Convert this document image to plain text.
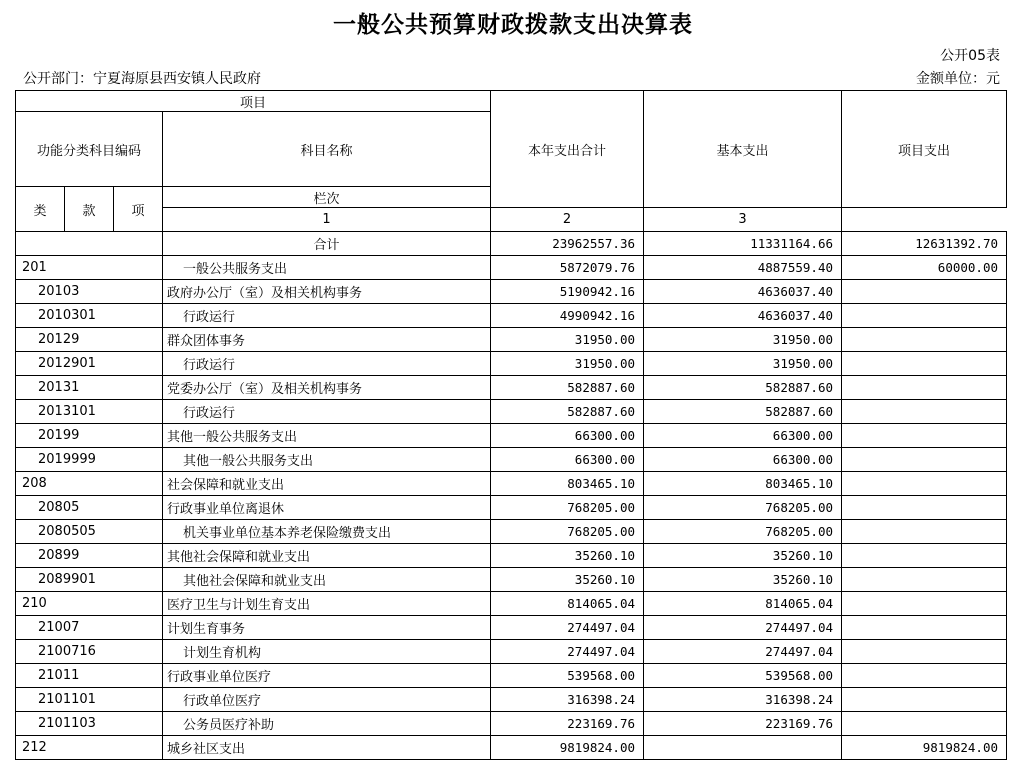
一般公共预算财政拨款支出决算表
公开05表
公开部门：宁夏海原县西安镇人民政府	金额单位：元
项目				本年支出合计	基本支出	项目支出
功能分类科目编码			科目名称			
类	款	项	栏次			
			1	2	3	
			合计	23962557.36	11331164.66	12631392.70
201			一般公共服务支出	5872079.76	4887559.40	60000.00
20103			政府办公厅（室）及相关机构事务	5190942.16	4636037.40	
2010301			行政运行	4990942.16	4636037.40	
20129			群众团体事务	31950.00	31950.00	
2012901			行政运行	31950.00	31950.00	
20131			党委办公厅（室）及相关机构事务	582887.60	582887.60	
2013101			行政运行	582887.60	582887.60	
20199			其他一般公共服务支出	66300.00	66300.00	
2019999			其他一般公共服务支出	66300.00	66300.00	
208			社会保障和就业支出	803465.10	803465.10	
20805			行政事业单位离退休	768205.00	768205.00	
2080505			机关事业单位基本养老保险缴费支出	768205.00	768205.00	
20899			其他社会保障和就业支出	35260.10	35260.10	
2089901			其他社会保障和就业支出	35260.10	35260.10	
210			医疗卫生与计划生育支出	814065.04	814065.04	
21007			计划生育事务	274497.04	274497.04	
2100716			计划生育机构	274497.04	274497.04	
21011			行政事业单位医疗	539568.00	539568.00	
2101101			行政单位医疗	316398.24	316398.24	
2101103			公务员医疗补助	223169.76	223169.76	
212			城乡社区支出	9819824.00		9819824.00
